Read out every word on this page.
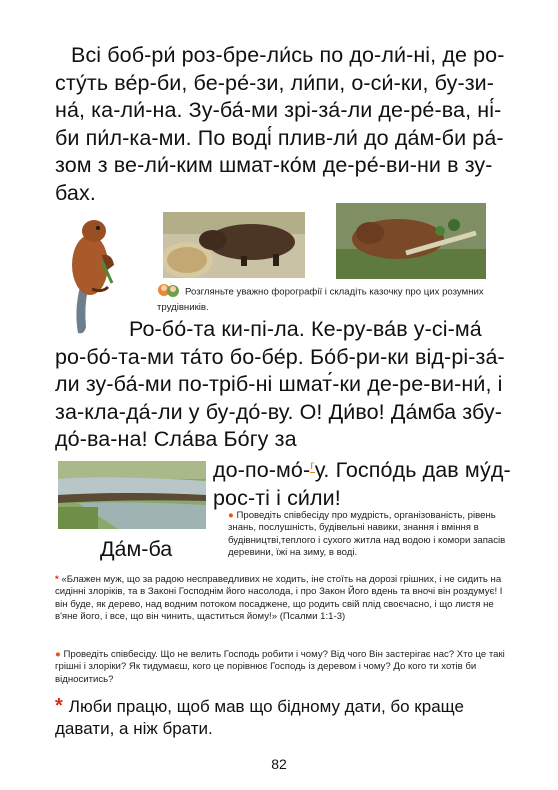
Всі боб-ри́ роз-бре-ли́сь по до-ли́-ні, де ро-сту́ть ве́р-би, бе-ре́-зи, ли́пи, о-си́-ки, бу-зи-на́, ка-ли́-на. Зу-ба́-ми зрі-за́-ли де-ре́-ва, ні́-би пи́л-ка-ми. По воді́ плив-ли́ до да́м-би ра́-зом з ве-ли́-ким шмат-ко́м де-ре́-ви-ни в зу-бах.
Розгляньте уважно форографії і складіть казочку про цих розумних трудівників.
Ро-бо́-та ки-пі-ла. Ке-ру-ва́в у-сі-ма́ ро-бо́-та-ми та́то бо-бе́р. Бо́б-ри-ки від-рі-за́-ли зу-ба́-ми по-тріб-ні шмат́-ки де-ре-ви-ни́, і за-кла-да́-ли у бу-до́-ву. О! Ди́во! Да́мба збу-до́-ва-на! Сла́ва Бо́гу за
до-по-мо́-$^г$у. Госпо́дь дав му́д-рос-ті і си́ли!
● Проведіть співбесіду про мудрість, організованість, рівень знань, послушність, будівельні навики, знання і вміння в будівництві,теплого і сухого житла над водою і комори запасів деревини, їжі на зиму, в воді.
Да́м-ба
* «Блажен муж, що за радою несправедливих не ходить, іне стоїть на дорозі грішних, і не сидить на сидінні злоріків, та в Законі Господнім його насолода, і про Закон Його вдень та вночі він роздумує! І він буде, як дерево, над водним потоком посаджене, що родить свій плід своєчасно, і що листя не в'яне його, і все, що він чинить, щаститься йому!» (Псалми 1:1-3)
● Проведіть співбесіду. Що не велить Господь робити і чому? Від чого Він застерігає нас? Хто це такі грішні і злоріки? Як тидумаєш, кого це порівнює Господь із деревом і чому? До кого ти хотів би відноситись?
* Люби працю, щоб мав що бідному дати, бо краще давати, а ніж брати.
82
